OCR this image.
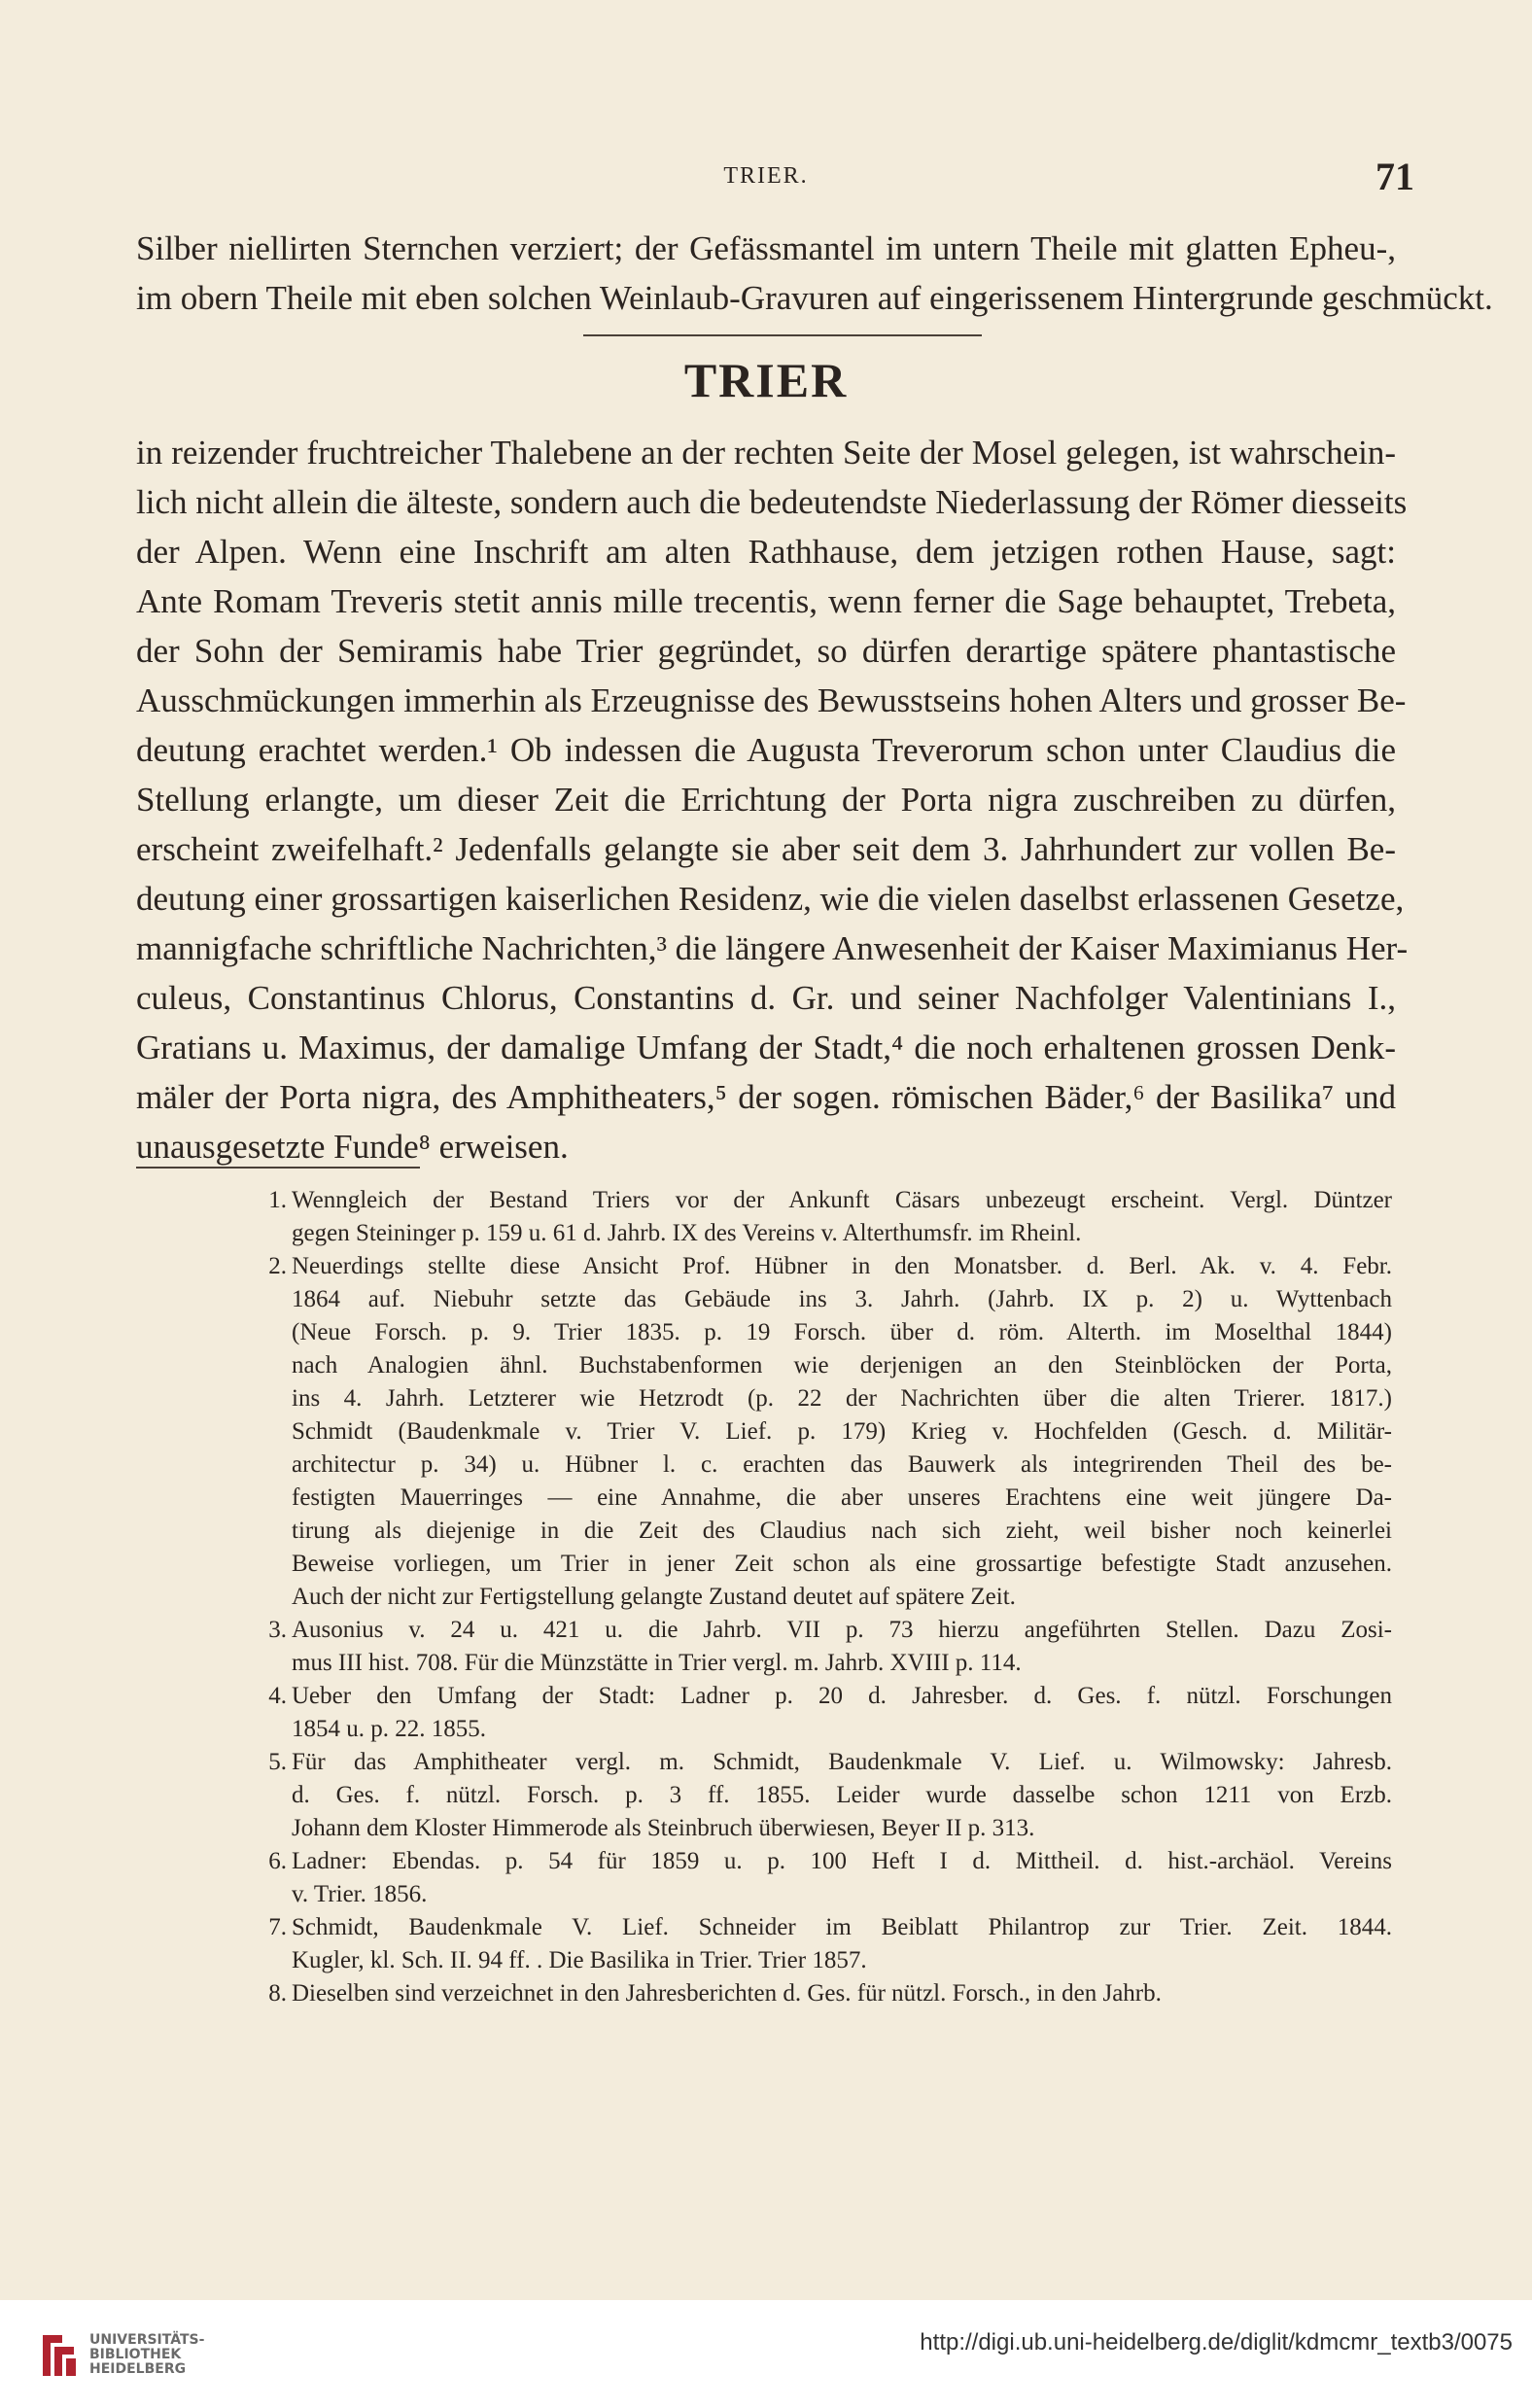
TRIER.	71
Silber niellirten Sternchen verziert; der Gefässmantel im untern Theile mit glatten Epheu-,
im obern Theile mit eben solchen Weinlaub-Gravuren auf eingerissenem Hintergrunde geschmückt.
TRIER
in reizender fruchtreicher Thalebene an der rechten Seite der Mosel gelegen, ist wahrschein-
lich nicht allein die älteste, sondern auch die bedeutendste Niederlassung der Römer diesseits
der Alpen. Wenn eine Inschrift am alten Rathhause, dem jetzigen rothen Hause, sagt:
Ante Romam Treveris stetit annis mille trecentis, wenn ferner die Sage behauptet, Trebeta,
der Sohn der Semiramis habe Trier gegründet, so dürfen derartige spätere phantastische
Ausschmückungen immerhin als Erzeugnisse des Bewusstseins hohen Alters und grosser Be-
deutung erachtet werden.¹ Ob indessen die Augusta Treverorum schon unter Claudius die
Stellung erlangte, um dieser Zeit die Errichtung der Porta nigra zuschreiben zu dürfen,
erscheint zweifelhaft.² Jedenfalls gelangte sie aber seit dem 3. Jahrhundert zur vollen Be-
deutung einer grossartigen kaiserlichen Residenz, wie die vielen daselbst erlassenen Gesetze,
mannigfache schriftliche Nachrichten,³ die längere Anwesenheit der Kaiser Maximianus Her-
culeus, Constantinus Chlorus, Constantins d. Gr. und seiner Nachfolger Valentinians I.,
Gratians u. Maximus, der damalige Umfang der Stadt,⁴ die noch erhaltenen grossen Denk-
mäler der Porta nigra, des Amphitheaters,⁵ der sogen. römischen Bäder,⁶ der Basilika⁷ und
unausgesetzte Funde⁸ erweisen.
1. Wenngleich der Bestand Triers vor der Ankunft Cäsars unbezeugt erscheint. Vergl. Düntzer
gegen Steininger p. 159 u. 61 d. Jahrb. IX des Vereins v. Alterthumsfr. im Rheinl.
2. Neuerdings stellte diese Ansicht Prof. Hübner in den Monatsber. d. Berl. Ak. v. 4. Febr.
1864 auf. Niebuhr setzte das Gebäude ins 3. Jahrh. (Jahrb. IX p. 2) u. Wyttenbach
(Neue Forsch. p. 9. Trier 1835. p. 19 Forsch. über d. röm. Alterth. im Moselthal 1844)
nach Analogien ähnl. Buchstabenformen wie derjenigen an den Steinblöcken der Porta,
ins 4. Jahrh. Letzterer wie Hetzrodt (p. 22 der Nachrichten über die alten Trierer. 1817.)
Schmidt (Baudenkmale v. Trier V. Lief. p. 179) Krieg v. Hochfelden (Gesch. d. Militär-
architectur p. 34) u. Hübner l. c. erachten das Bauwerk als integrirenden Theil des be-
festigten Mauerringes — eine Annahme, die aber unseres Erachtens eine weit jüngere Da-
tirung als diejenige in die Zeit des Claudius nach sich zieht, weil bisher noch keinerlei
Beweise vorliegen, um Trier in jener Zeit schon als eine grossartige befestigte Stadt anzusehen.
Auch der nicht zur Fertigstellung gelangte Zustand deutet auf spätere Zeit.
3. Ausonius v. 24 u. 421 u. die Jahrb. VII p. 73 hierzu angeführten Stellen. Dazu Zosi-
mus III hist. 708. Für die Münzstätte in Trier vergl. m. Jahrb. XVIII p. 114.
4. Ueber den Umfang der Stadt: Ladner p. 20 d. Jahresber. d. Ges. f. nützl. Forschungen
1854 u. p. 22. 1855.
5. Für das Amphitheater vergl. m. Schmidt, Baudenkmale V. Lief. u. Wilmowsky: Jahresb.
d. Ges. f. nützl. Forsch. p. 3 ff. 1855. Leider wurde dasselbe schon 1211 von Erzb.
Johann dem Kloster Himmerode als Steinbruch überwiesen, Beyer II p. 313.
6. Ladner: Ebendas. p. 54 für 1859 u. p. 100 Heft I d. Mittheil. d. hist.-archäol. Vereins
v. Trier. 1856.
7. Schmidt, Baudenkmale V. Lief. Schneider im Beiblatt Philantrop zur Trier. Zeit. 1844.
Kugler, kl. Sch. II. 94 ff. . Die Basilika in Trier. Trier 1857.
8. Dieselben sind verzeichnet in den Jahresberichten d. Ges. für nützl. Forsch., in den Jahrb.
UNIVERSITÄTS-
BIBLIOTHEK
HEIDELBERG
http://digi.ub.uni-heidelberg.de/diglit/kdmcmr_textb3/0075
